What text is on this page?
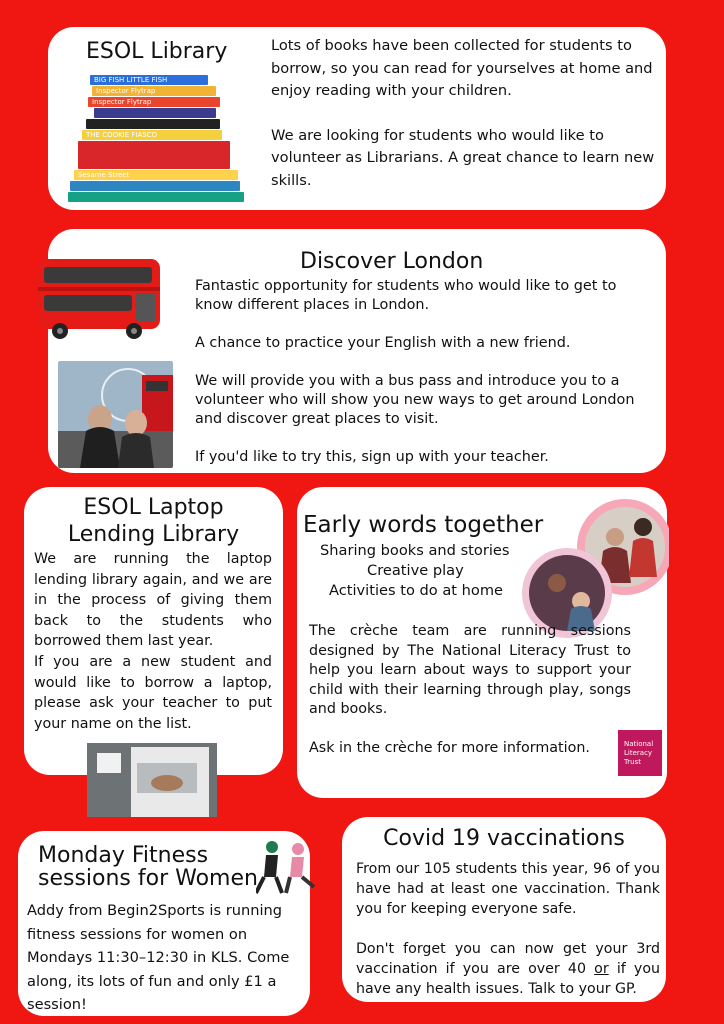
ESOL Library
BIG FISH LITTLE FISH
Inspector Flytrap
Inspector Flytrap
THE COOKIE FIASCO
Sesame Street

Lots of books have been collected for students to borrow, so you can read for yourselves at home and enjoy reading with your children.

We are looking for students who would like to volunteer as Librarians. A great chance to learn new skills.

Discover London

Fantastic opportunity for students who would like to get to know different places in London.

A chance to practice your English with a new friend.

We will provide you with a bus pass and introduce you to a volunteer who will show you new ways to get around London and discover great places to visit.

If you'd like to try this, sign up with your teacher.

ESOL Laptop
Lending Library

We are running the laptop lending library again, and we are in the process of giving them back to the students who borrowed them last year.

If you are a new student and would like to borrow a laptop, please ask your teacher to put your name on the list.

Early words together
Sharing books and stories
Creative play
Activities to do at home
The crèche team are running sessions designed by The National Literacy Trust to help you learn about ways to support your child with their learning through play, songs and books.
Ask in the crèche for more information.	National Literacy Trust
Monday Fitness
sessions for Women
Addy from Begin2Sports is running fitness sessions for women on Mondays 11:30–12:30 in KLS. Come along, its lots of fun and only £1 a session!
Covid 19 vaccinations

From our 105 students this year, 96 of you have had at least one vaccination. Thank you for keeping everyone safe.

Don't forget you can now get your 3rd vaccination if you are over 40 or if you have any health issues. Talk to your GP.
